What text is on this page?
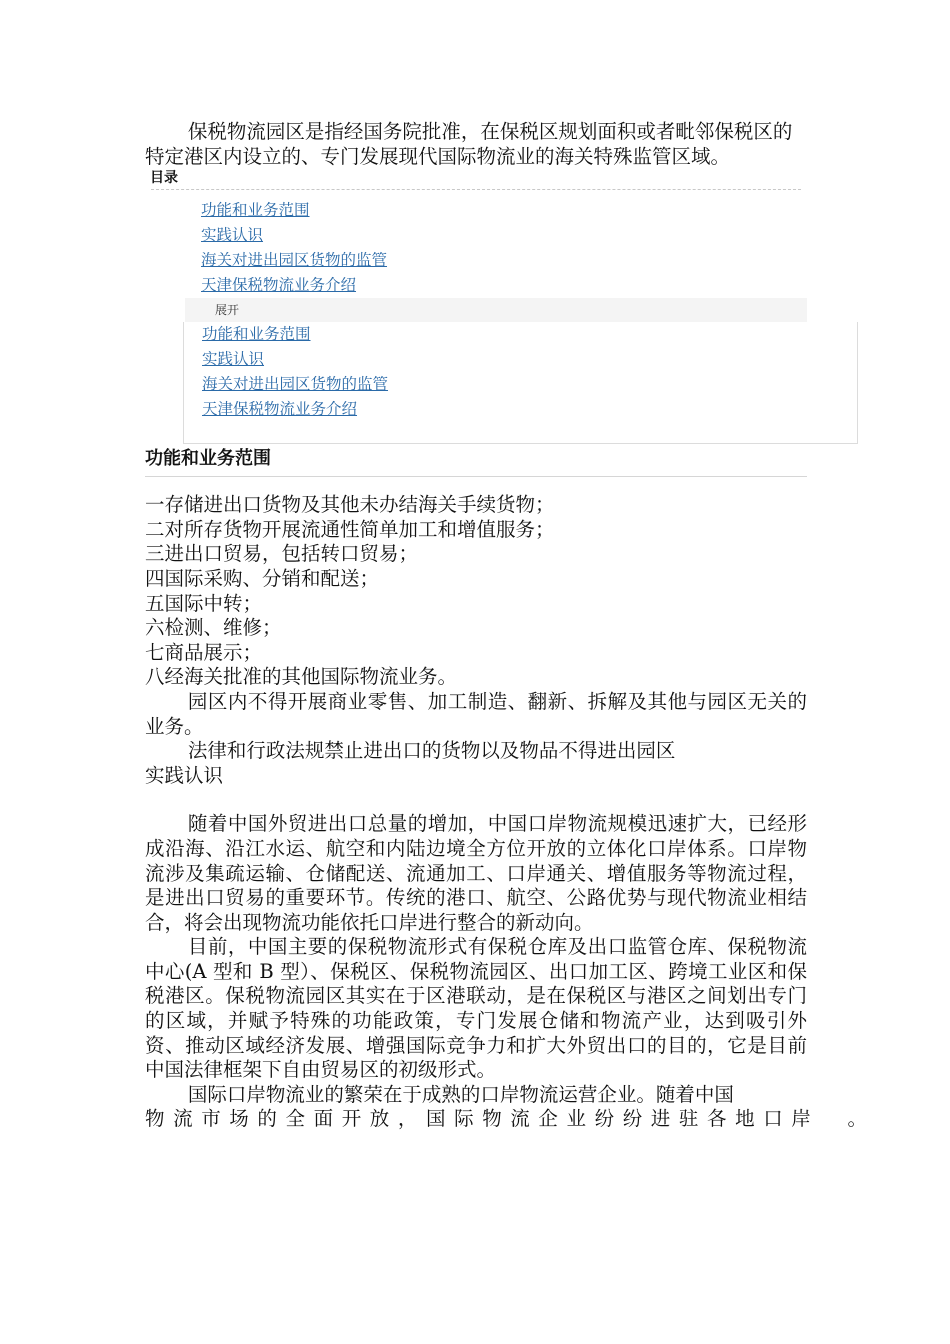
保税物流园区是指经国务院批准，在保税区规划面积或者毗邻保税区的特定港区内设立的、专门发展现代国际物流业的海关特殊监管区域。

目录
功能和业务范围
实践认识
海关对进出园区货物的监管
天津保税物流业务介绍
展开
功能和业务范围
实践认识
海关对进出园区货物的监管
天津保税物流业务介绍
功能和业务范围

一存储进出口货物及其他未办结海关手续货物；

二对所存货物开展流通性简单加工和增值服务；

三进出口贸易，包括转口贸易；

四国际采购、分销和配送；

五国际中转；

六检测、维修；

七商品展示；

八经海关批准的其他国际物流业务。

园区内不得开展商业零售、加工制造、翻新、拆解及其他与园区无关的业务。

法律和行政法规禁止进出口的货物以及物品不得进出园区

实践认识

随着中国外贸进出口总量的增加，中国口岸物流规模迅速扩大，已经形成沿海、沿江水运、航空和内陆边境全方位开放的立体化口岸体系。口岸物流涉及集疏运输、仓储配送、流通加工、口岸通关、增值服务等物流过程，是进出口贸易的重要环节。传统的港口、航空、公路优势与现代物流业相结合，将会出现物流功能依托口岸进行整合的新动向。

目前，中国主要的保税物流形式有保税仓库及出口监管仓库、保税物流中心(A 型和 B 型）、保税区、保税物流园区、出口加工区、跨境工业区和保税港区。保税物流园区其实在于区港联动，是在保税区与港区之间划出专门的区域，并赋予特殊的功能政策，专门发展仓储和物流产业，达到吸引外资、推动区域经济发展、增强国际竞争力和扩大外贸出口的目的，它是目前中国法律框架下自由贸易区的初级形式。

国际口岸物流业的繁荣在于成熟的口岸物流运营企业。随着中国

物流市场的全面开放，国际物流企业纷纷进驻各地口岸　。
